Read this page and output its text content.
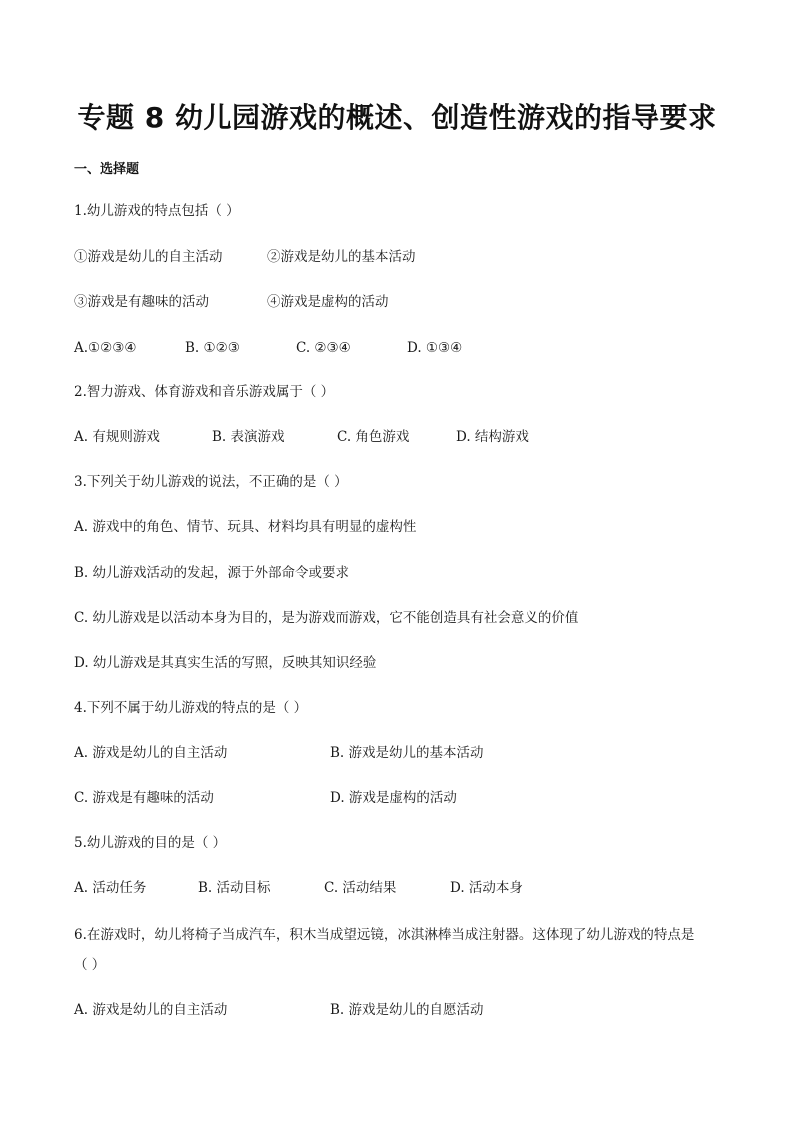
专题 8 幼儿园游戏的概述、创造性游戏的指导要求
一、选择题
1.幼儿游戏的特点包括（ ）
①游戏是幼儿的自主活动	②游戏是幼儿的基本活动
③游戏是有趣味的活动	④游戏是虚构的活动
A.①②③④	B. ①②③	C. ②③④	D. ①③④
2.智力游戏、体育游戏和音乐游戏属于（ ）
A. 有规则游戏	B. 表演游戏	C. 角色游戏	D. 结构游戏
3.下列关于幼儿游戏的说法，不正确的是（ ）
A. 游戏中的角色、情节、玩具、材料均具有明显的虚构性
B. 幼儿游戏活动的发起，源于外部命令或要求
C. 幼儿游戏是以活动本身为目的，是为游戏而游戏，它不能创造具有社会意义的价值
D. 幼儿游戏是其真实生活的写照，反映其知识经验
4.下列不属于幼儿游戏的特点的是（ ）
A. 游戏是幼儿的自主活动	B. 游戏是幼儿的基本活动
C. 游戏是有趣味的活动	D. 游戏是虚构的活动
5.幼儿游戏的目的是（ ）
A. 活动任务	B. 活动目标	C. 活动结果	D. 活动本身
6.在游戏时，幼儿将椅子当成汽车，积木当成望远镜，冰淇淋棒当成注射器。这体现了幼儿游戏的特点是
（ ）
A. 游戏是幼儿的自主活动	B. 游戏是幼儿的自愿活动
